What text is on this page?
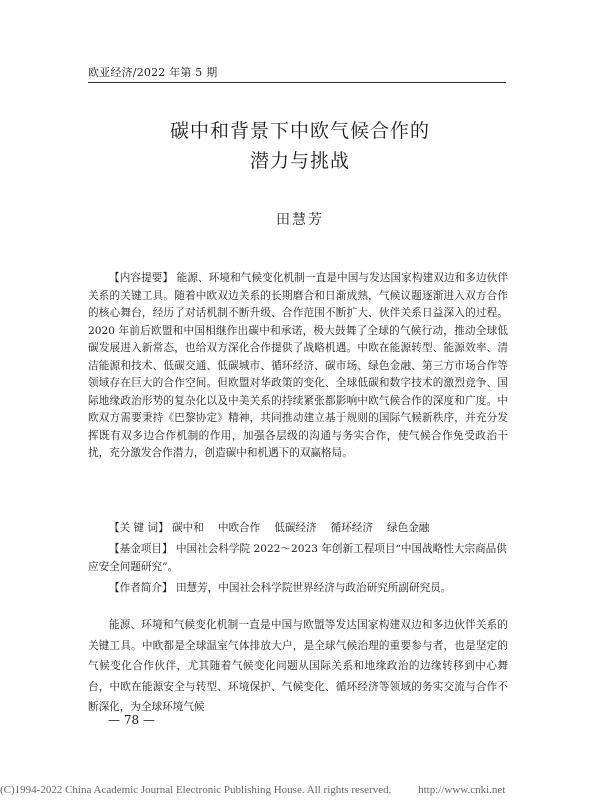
欧亚经济/2022 年第 5 期
碳中和背景下中欧气候合作的
潜力与挑战
田慧芳
【内容提要】 能源、环境和气候变化机制一直是中国与发达国家构建双边和多边伙伴关系的关键工具。随着中欧双边关系的长期磨合和日渐成熟，气候议题逐渐进入双方合作的核心舞台，经历了对话机制不断升级、合作范围不断扩大、伙伴关系日益深入的过程。2020 年前后欧盟和中国相继作出碳中和承诺，极大鼓舞了全球的气候行动，推动全球低碳发展进入新常态，也给双方深化合作提供了战略机遇。中欧在能源转型、能源效率、清洁能源和技术、低碳交通、低碳城市、循环经济、碳市场、绿色金融、第三方市场合作等领域存在巨大的合作空间。但欧盟对华政策的变化、全球低碳和数字技术的激烈竞争、国际地缘政治形势的复杂化以及中美关系的持续紧张都影响中欧气候合作的深度和广度。中欧双方需要秉持《巴黎协定》精神，共同推动建立基于规则的国际气候新秩序，并充分发挥既有双多边合作机制的作用，加强各层级的沟通与务实合作，使气候合作免受政治干扰，充分激发合作潜力，创造碳中和机遇下的双赢格局。
【关 键 词】 碳中和 中欧合作 低碳经济 循环经济 绿色金融
【基金项目】 中国社会科学院 2022～2023 年创新工程项目“中国战略性大宗商品供应安全问题研究”。
【作者简介】 田慧芳，中国社会科学院世界经济与政治研究所副研究员。
能源、环境和气候变化机制一直是中国与欧盟等发达国家构建双边和多边伙伴关系的关键工具。中欧都是全球温室气体排放大户，是全球气候治理的重要参与者，也是坚定的气候变化合作伙伴，尤其随着气候变化问题从国际关系和地缘政治的边缘转移到中心舞台，中欧在能源安全与转型、环境保护、气候变化、循环经济等领域的务实交流与合作不断深化，为全球环境气候
— 78 —
(C)1994-2022 China Academic Journal Electronic Publishing House. All rights reserved. http://www.cnki.net
